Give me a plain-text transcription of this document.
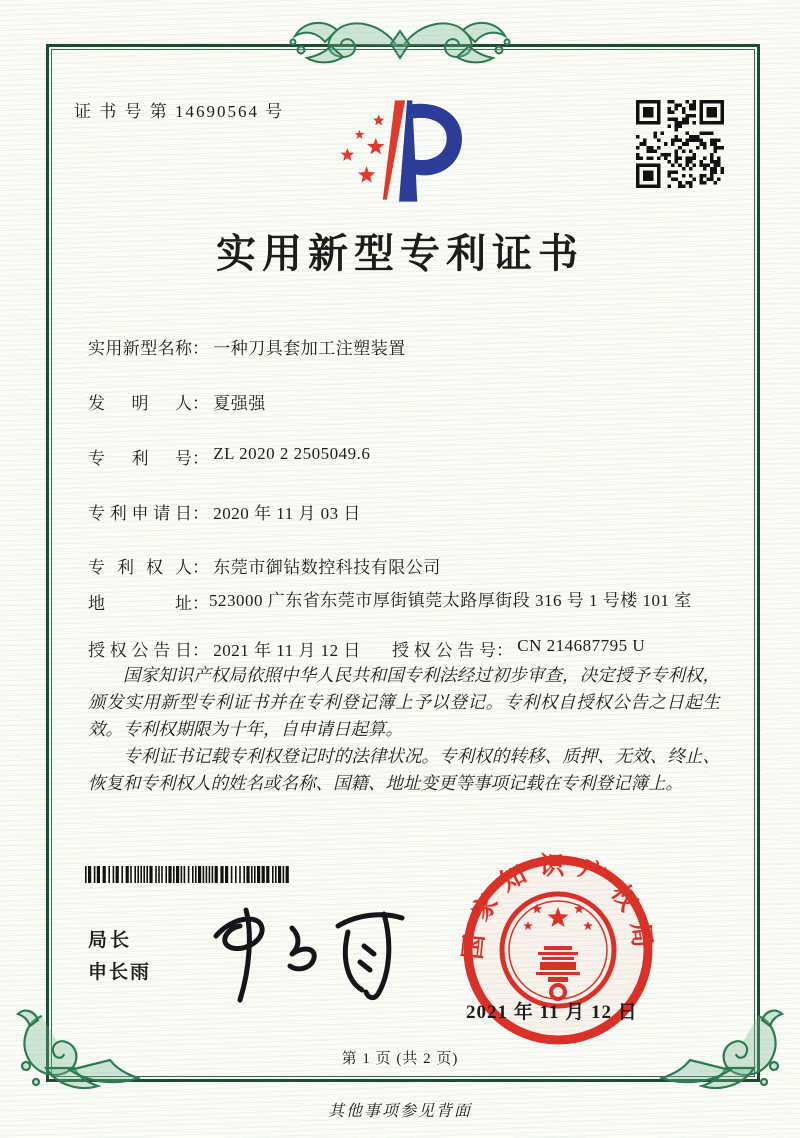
证 书 号 第 14690564 号
实用新型专利证书
实用新型名称： 一种刀具套加工注塑装置
发明人： 夏强强
专利号： ZL 2020 2 2505049.6
专利申请日： 2020 年 11 月 03 日
专利权人： 东莞市御钻数控科技有限公司
地址 ： 523000 广东省东莞市厚街镇莞太路厚街段 316 号 1 号楼 101 室
授权公告日： 2021 年 11 月 12 日	授权公告号： CN 214687795 U

国家知识产权局依照中华人民共和国专利法经过初步审查，决定授予专利权，颁发实用新型专利证书并在专利登记簿上予以登记。专利权自授权公告之日起生效。专利权期限为十年，自申请日起算。

专利证书记载专利权登记时的法律状况。专利权的转移、质押、无效、终止、恢复和专利权人的姓名或名称、国籍、地址变更等事项记载在专利登记簿上。

局长
申长雨
国家知识产权局
2021 年 11 月 12 日
第 1 页 (共 2 页)
其他事项参见背面
